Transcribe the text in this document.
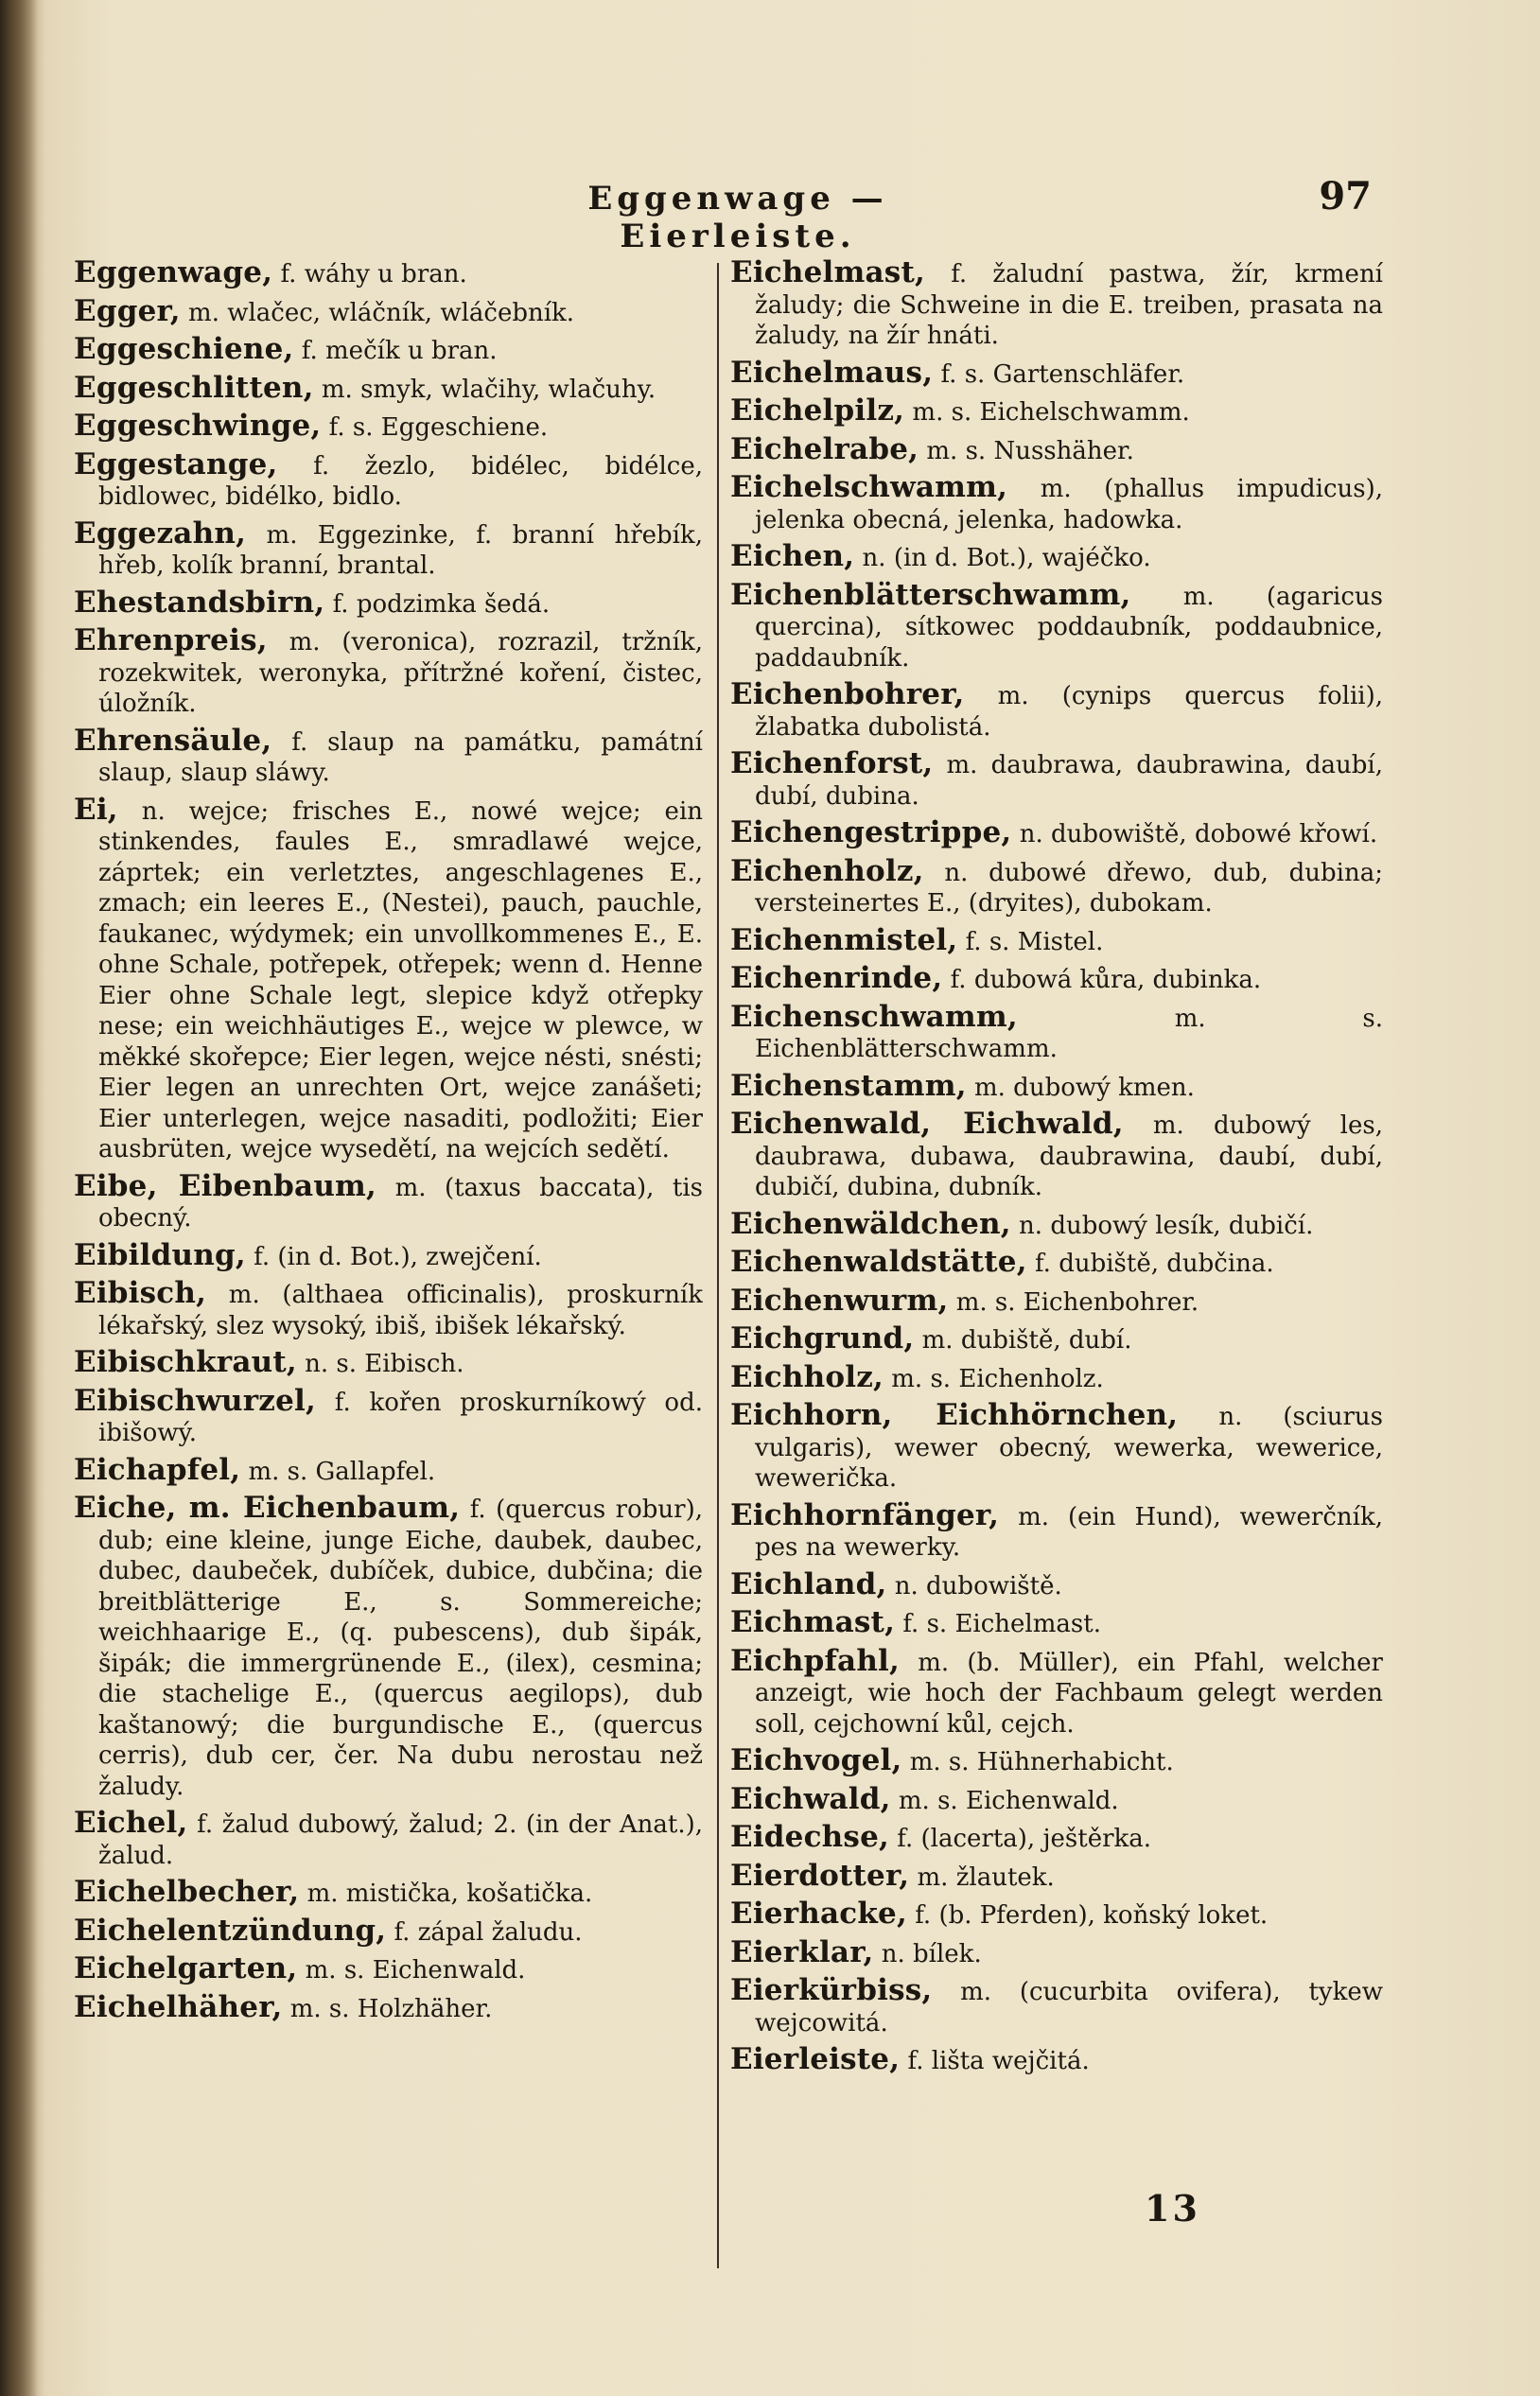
Eggenwage — Eierleiste.
97
Eggenwage, f. wáhy u bran.
Egger, m. wlačec, wláčník, wláčebník.
Eggeschiene, f. mečík u bran.
Eggeschlitten, m. smyk, wlačihy, wlačuhy.
Eggeschwinge, f. s. Eggeschiene.
Eggestange, f. žezlo, bidélec, bidélce, bidlowec, bidélko, bidlo.
Eggezahn, m. Eggezinke, f. branní hřebík, hřeb, kolík branní, brantal.
Ehestandsbirn, f. podzimka šedá.
Ehrenpreis, m. (veronica), rozrazil, tržník, rozekwitek, weronyka, přítržné koření, čistec, úložník.
Ehrensäule, f. slaup na památku, památní slaup, slaup sláwy.
Ei, n. wejce; frisches E., nowé wejce; ein stinkendes, faules E., smradlawé wejce, záprtek; ein verletztes, angeschlagenes E., zmach; ein leeres E., (Nestei), pauch, pauchle, faukanec, wýdymek; ein unvollkommenes E., E. ohne Schale, potřepek, otřepek; wenn d. Henne Eier ohne Schale legt, slepice když otřepky nese; ein weichhäutiges E., wejce w plewce, w měkké skořepce; Eier legen, wejce nésti, snésti; Eier legen an unrechten Ort, wejce zanášeti; Eier unterlegen, wejce nasaditi, podložiti; Eier ausbrüten, wejce wysedětí, na wejcích sedětí.
Eibe, Eibenbaum, m. (taxus baccata), tis obecný.
Eibildung, f. (in d. Bot.), zwejčení.
Eibisch, m. (althaea officinalis), proskurník lékařský, slez wysoký, ibiš, ibišek lékařský.
Eibischkraut, n. s. Eibisch.
Eibischwurzel, f. kořen proskurníkowý od. ibišowý.
Eichapfel, m. s. Gallapfel.
Eiche, m. Eichenbaum, f. (quercus robur), dub; eine kleine, junge Eiche, daubek, daubec, dubec, daubeček, dubíček, dubice, dubčina; die breitblätterige E., s. Sommereiche; weichhaarige E., (q. pubescens), dub šipák, šipák; die immergrünende E., (ilex), cesmina; die stachelige E., (quercus aegilops), dub kaštanowý; die burgundische E., (quercus cerris), dub cer, čer. Na dubu nerostau než žaludy.
Eichel, f. žalud dubowý, žalud; 2. (in der Anat.), žalud.
Eichelbecher, m. mistička, košatička.
Eichelentzündung, f. zápal žaludu.
Eichelgarten, m. s. Eichenwald.
Eichelhäher, m. s. Holzhäher.
Eichelmast, f. žaludní pastwa, žír, krmení žaludy; die Schweine in die E. treiben, prasata na žaludy, na žír hnáti.
Eichelmaus, f. s. Gartenschläfer.
Eichelpilz, m. s. Eichelschwamm.
Eichelrabe, m. s. Nusshäher.
Eichelschwamm, m. (phallus impudicus), jelenka obecná, jelenka, hadowka.
Eichen, n. (in d. Bot.), wajéčko.
Eichenblätterschwamm, m. (agaricus quercina), sítkowec poddaubník, poddaubnice, paddaubník.
Eichenbohrer, m. (cynips quercus folii), žlabatka dubolistá.
Eichenforst, m. daubrawa, daubrawina, daubí, dubí, dubina.
Eichengestrippe, n. dubowiště, dobowé křowí.
Eichenholz, n. dubowé dřewo, dub, dubina; versteinertes E., (dryites), dubokam.
Eichenmistel, f. s. Mistel.
Eichenrinde, f. dubowá kůra, dubinka.
Eichenschwamm,	m. s. Eichenblätterschwamm.
Eichenstamm, m. dubowý kmen.
Eichenwald, Eichwald, m. dubowý les, daubrawa, dubawa, daubrawina, daubí, dubí, dubičí, dubina, dubník.
Eichenwäldchen, n. dubowý lesík, dubičí.
Eichenwaldstätte, f. dubiště, dubčina.
Eichenwurm, m. s. Eichenbohrer.
Eichgrund, m. dubiště, dubí.
Eichholz, m. s. Eichenholz.
Eichhorn, Eichhörnchen, n. (sciurus vulgaris), wewer obecný, wewerka, wewerice, wewerička.
Eichhornfänger, m. (ein Hund), wewerčník, pes na wewerky.
Eichland, n. dubowiště.
Eichmast, f. s. Eichelmast.
Eichpfahl, m. (b. Müller), ein Pfahl, welcher anzeigt, wie hoch der Fachbaum gelegt werden soll, cejchowní kůl, cejch.
Eichvogel, m. s. Hühnerhabicht.
Eichwald, m. s. Eichenwald.
Eidechse, f. (lacerta), ještěrka.
Eierdotter, m. žlautek.
Eierhacke, f. (b. Pferden), koňský loket.
Eierklar, n. bílek.
Eierkürbiss, m. (cucurbita ovifera), tykew wejcowitá.
Eierleiste, f. lišta wejčitá.
13
